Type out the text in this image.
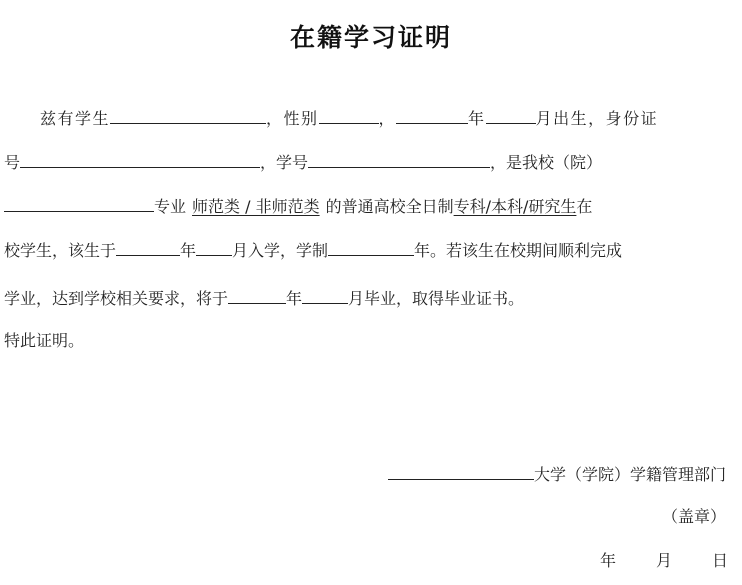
在籍学习证明
兹有学生	，性别	，	年	月出生，身份证
号	，学号	，是我校（院）
专业 师范类 / 非师范类 的普通高校全日制专科/本科/研究生在
校学生，该生于	年 月入学，学制	年。若该生在校期间顺利完成
学业，达到学校相关要求，将于	年	月毕业，取得毕业证书。
特此证明。
大学（学院）学籍管理部门
（盖章）
年	月	日
